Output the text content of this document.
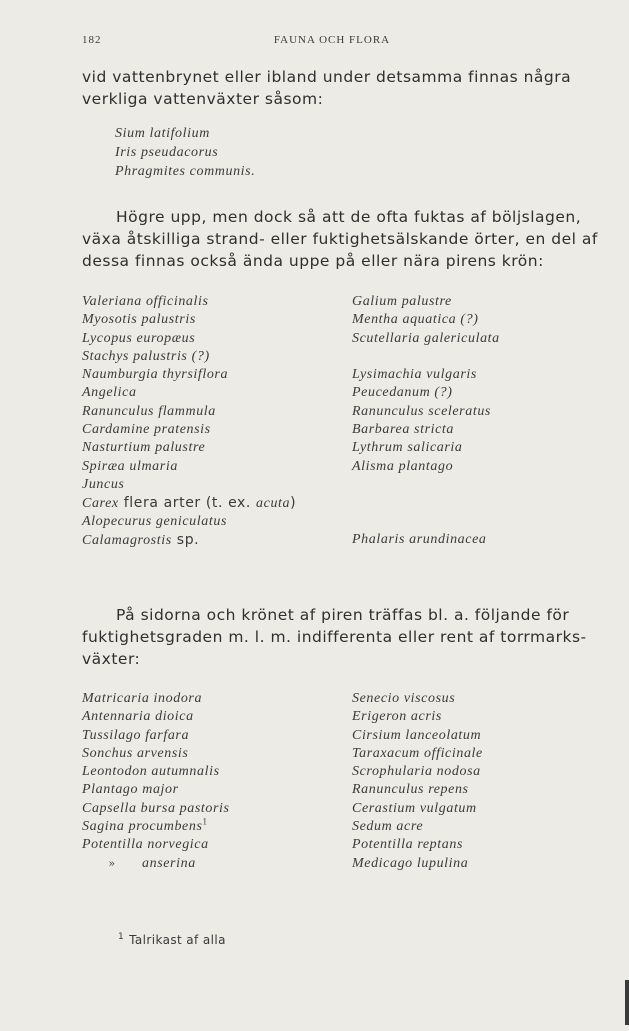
182	FAUNA OCH FLORA

vid vattenbrynet eller ibland under detsamma finnas några
verkliga vattenväxter såsom:

Sium latifolium
Iris pseudacorus
Phragmites communis.

Högre upp, men dock så att de ofta fuktas af böljslagen,
växa åtskilliga strand- eller fuktighetsälskande örter, en del af
dessa finnas också ända uppe på eller nära pirens krön:

Valeriana officinalis
Myosotis palustris
Lycopus europæus
Stachys palustris (?)
Naumburgia thyrsiflora
Angelica
Ranunculus flammula
Cardamine pratensis
Nasturtium palustre
Spiræa ulmaria
Juncus
Carex flera arter (t. ex. acuta)
Alopecurus geniculatus
Calamagrostis sp.
Galium palustre
Mentha aquatica (?)
Scutellaria galericulata
Lysimachia vulgaris
Peucedanum (?)
Ranunculus sceleratus
Barbarea stricta
Lythrum salicaria
Alisma plantago
Phalaris arundinacea

På sidorna och krönet af piren träffas bl. a. följande för
fuktighetsgraden m. l. m. indifferenta eller rent af torrmarks-
växter:

Matricaria inodora
Antennaria dioica
Tussilago farfara
Sonchus arvensis
Leontodon autumnalis
Plantago major
Capsella bursa pastoris
Sagina procumbens$^1$
Potentilla norvegica
» anserina
Senecio viscosus
Erigeron acris
Cirsium lanceolatum
Taraxacum officinale
Scrophularia nodosa
Ranunculus repens
Cerastium vulgatum
Sedum acre
Potentilla reptans
Medicago lupulina
$^1$ Talrikast af alla
